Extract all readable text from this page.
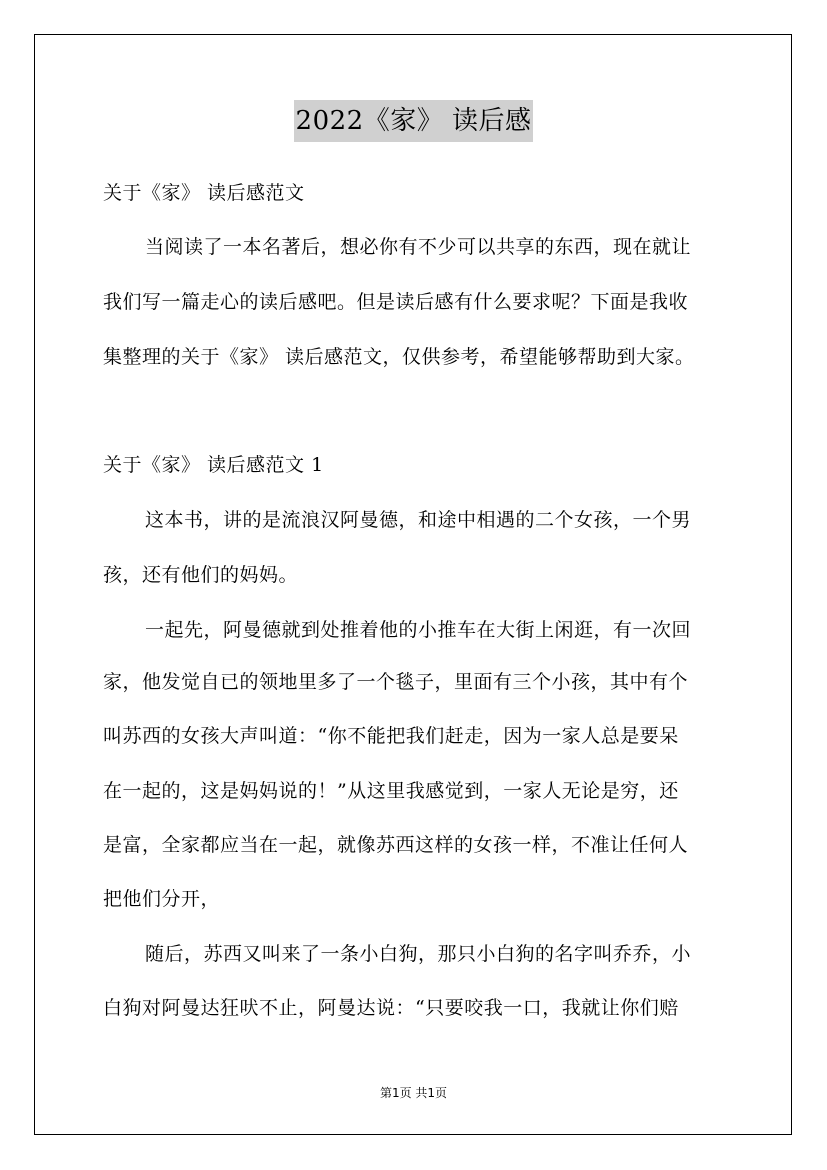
2022《家》 读后感
关于《家》 读后感范文
当阅读了一本名著后，想必你有不少可以共享的东西，现在就让
我们写一篇走心的读后感吧。但是读后感有什么要求呢？下面是我收
集整理的关于《家》 读后感范文，仅供参考，希望能够帮助到大家。
关于《家》 读后感范文 1
这本书，讲的是流浪汉阿曼德，和途中相遇的二个女孩，一个男
孩，还有他们的妈妈。
一起先，阿曼德就到处推着他的小推车在大街上闲逛，有一次回
家，他发觉自已的领地里多了一个毯子，里面有三个小孩，其中有个
叫苏西的女孩大声叫道：“你不能把我们赶走，因为一家人总是要呆
在一起的，这是妈妈说的！”从这里我感觉到，一家人无论是穷，还
是富，全家都应当在一起，就像苏西这样的女孩一样，不准让任何人
把他们分开，
随后，苏西又叫来了一条小白狗，那只小白狗的名字叫乔乔，小
白狗对阿曼达狂吠不止，阿曼达说：“只要咬我一口，我就让你们赔
第1页 共1页
